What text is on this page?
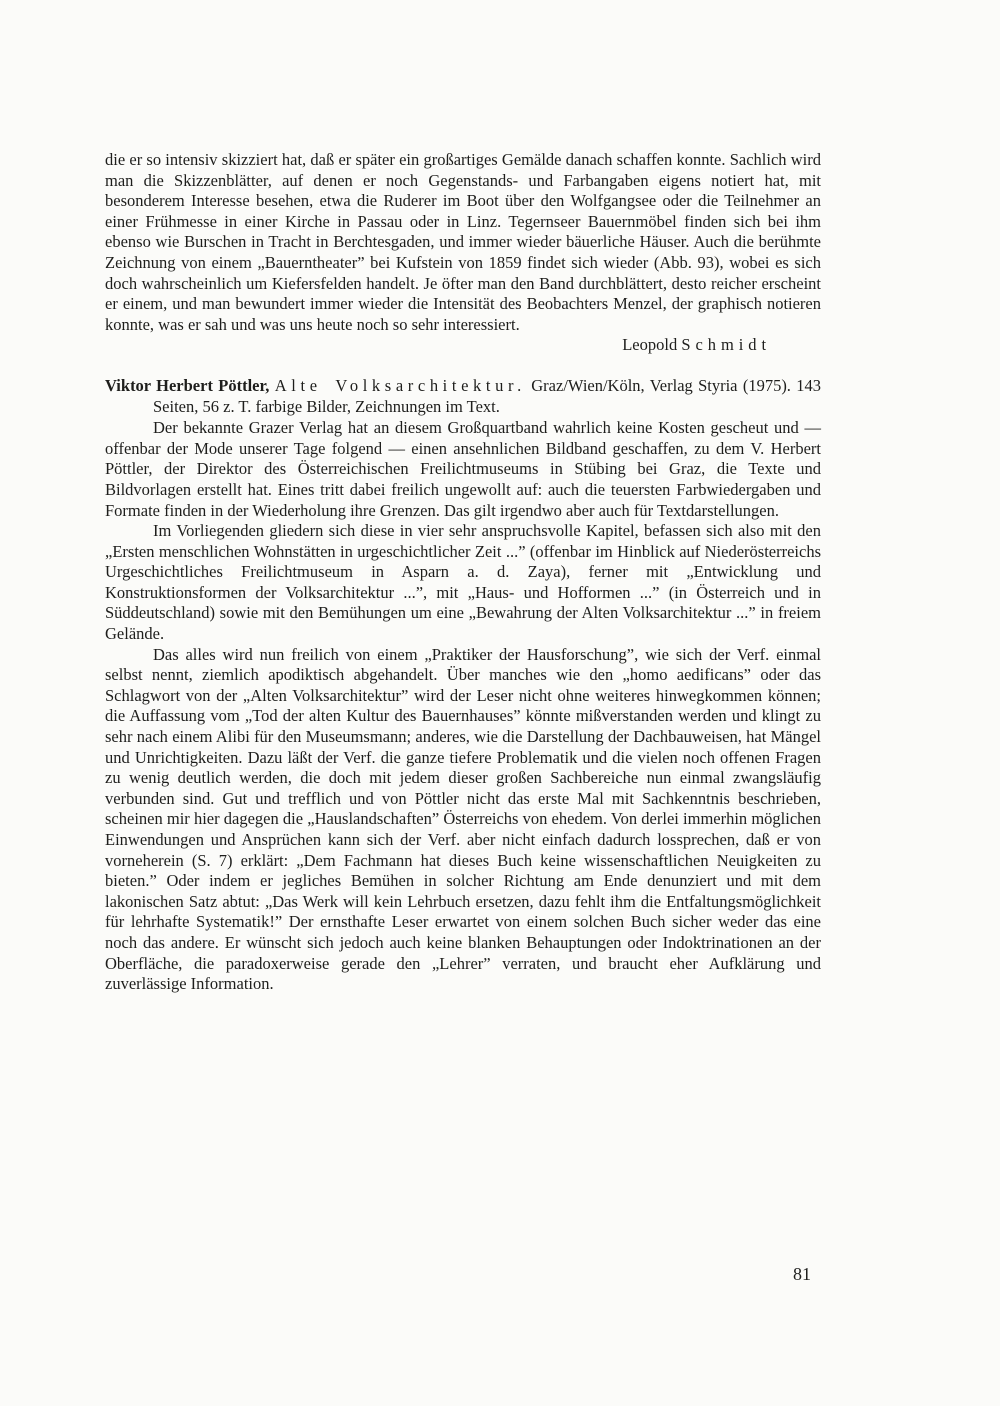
die er so intensiv skizziert hat, daß er später ein großartiges Gemälde danach schaffen konnte. Sachlich wird man die Skizzenblätter, auf denen er noch Gegenstands- und Farbangaben eigens notiert hat, mit besonderem Interesse besehen, etwa die Ruderer im Boot über den Wolfgangsee oder die Teilnehmer an einer Frühmesse in einer Kirche in Passau oder in Linz. Tegernseer Bauernmöbel finden sich bei ihm ebenso wie Burschen in Tracht in Berchtesgaden, und immer wieder bäuerliche Häuser. Auch die berühmte Zeichnung von einem „Bauerntheater” bei Kufstein von 1859 findet sich wieder (Abb. 93), wobei es sich doch wahrscheinlich um Kiefersfelden handelt. Je öfter man den Band durchblättert, desto reicher erscheint er einem, und man bewundert immer wieder die Intensität des Beobachters Menzel, der graphisch notieren konnte, was er sah und was uns heute noch so sehr interessiert.

Leopold Schmidt

Viktor Herbert Pöttler, Alte Volksarchitektur. Graz/Wien/Köln, Verlag Styria (1975). 143 Seiten, 56 z. T. farbige Bilder, Zeichnungen im Text.

Der bekannte Grazer Verlag hat an diesem Großquartband wahrlich keine Kosten gescheut und — offenbar der Mode unserer Tage folgend — einen ansehnlichen Bildband geschaffen, zu dem V. Herbert Pöttler, der Direktor des Österreichischen Freilichtmuseums in Stübing bei Graz, die Texte und Bildvorlagen erstellt hat. Eines tritt dabei freilich ungewollt auf: auch die teuersten Farbwiedergaben und Formate finden in der Wiederholung ihre Grenzen. Das gilt irgendwo aber auch für Textdarstellungen.

Im Vorliegenden gliedern sich diese in vier sehr anspruchsvolle Kapitel, befassen sich also mit den „Ersten menschlichen Wohnstätten in urgeschichtlicher Zeit ...” (offenbar im Hinblick auf Niederösterreichs Urgeschichtliches Freilichtmuseum in Asparn a. d. Zaya), ferner mit „Entwicklung und Konstruktionsformen der Volksarchitektur ...”, mit „Haus- und Hofformen ...” (in Österreich und in Süddeutschland) sowie mit den Bemühungen um eine „Bewahrung der Alten Volksarchitektur ...” in freiem Gelände.

Das alles wird nun freilich von einem „Praktiker der Hausforschung”, wie sich der Verf. einmal selbst nennt, ziemlich apodiktisch abgehandelt. Über manches wie den „homo aedificans” oder das Schlagwort von der „Alten Volksarchitektur” wird der Leser nicht ohne weiteres hinwegkommen können; die Auffassung vom „Tod der alten Kultur des Bauernhauses” könnte mißverstanden werden und klingt zu sehr nach einem Alibi für den Museumsmann; anderes, wie die Darstellung der Dachbauweisen, hat Mängel und Unrichtigkeiten. Dazu läßt der Verf. die ganze tiefere Problematik und die vielen noch offenen Fragen zu wenig deutlich werden, die doch mit jedem dieser großen Sachbereiche nun einmal zwangsläufig verbunden sind. Gut und trefflich und von Pöttler nicht das erste Mal mit Sachkenntnis beschrieben, scheinen mir hier dagegen die „Hauslandschaften” Österreichs von ehedem. Von derlei immerhin möglichen Einwendungen und Ansprüchen kann sich der Verf. aber nicht einfach dadurch lossprechen, daß er von vorneherein (S. 7) erklärt: „Dem Fachmann hat dieses Buch keine wissenschaftlichen Neuigkeiten zu bieten.” Oder indem er jegliches Bemühen in solcher Richtung am Ende denunziert und mit dem lakonischen Satz abtut: „Das Werk will kein Lehrbuch ersetzen, dazu fehlt ihm die Entfaltungsmöglichkeit für lehrhafte Systematik!” Der ernsthafte Leser erwartet von einem solchen Buch sicher weder das eine noch das andere. Er wünscht sich jedoch auch keine blanken Behauptungen oder Indoktrinationen an der Oberfläche, die paradoxerweise gerade den „Lehrer” verraten, und braucht eher Aufklärung und zuverlässige Information.

81
